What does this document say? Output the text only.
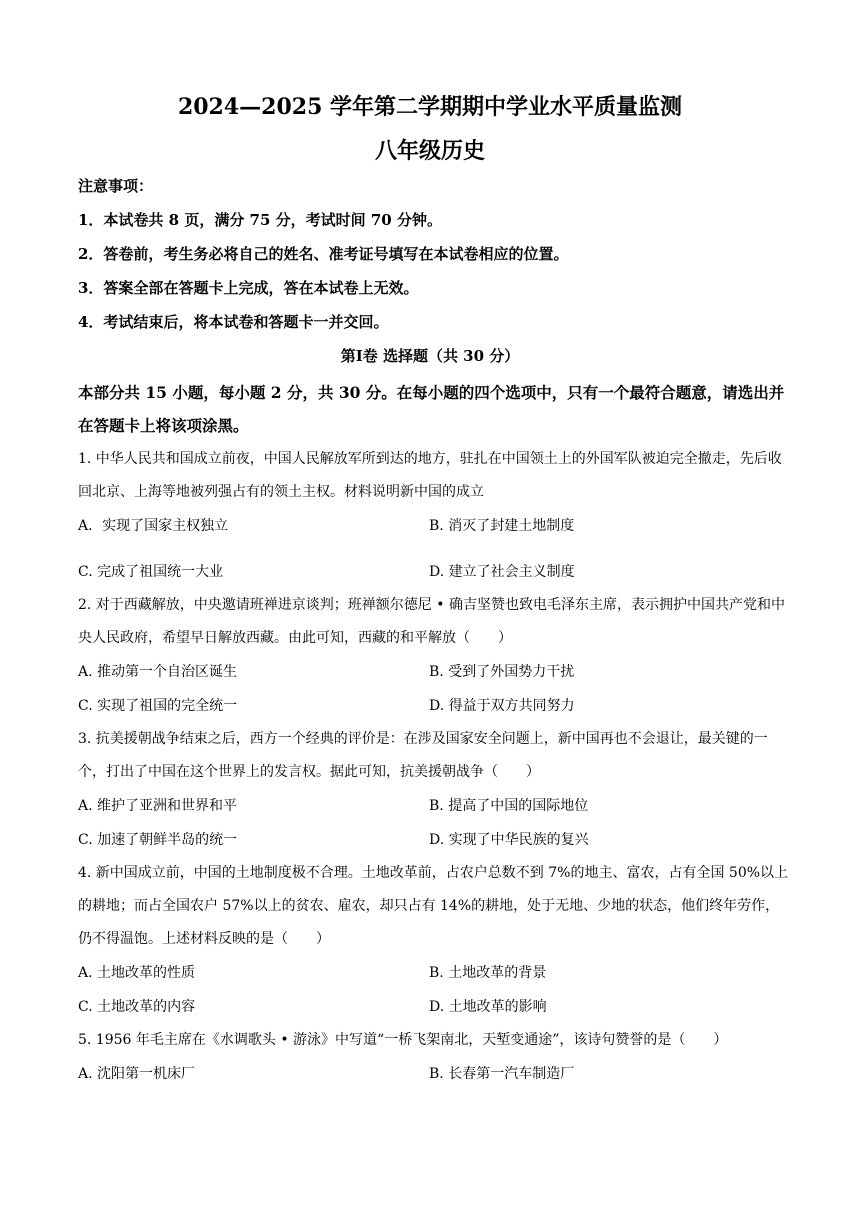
2024—2025 学年第二学期期中学业水平质量监测
八年级历史
注意事项：
1．本试卷共 8 页，满分 75 分，考试时间 70 分钟。
2．答卷前，考生务必将自己的姓名、准考证号填写在本试卷相应的位置。
3．答案全部在答题卡上完成，答在本试卷上无效。
4．考试结束后，将本试卷和答题卡一并交回。
第Ⅰ卷 选择题（共 30 分）
本部分共 15 小题，每小题 2 分，共 30 分。在每小题的四个选项中，只有一个最符合题意，请选出并在答题卡上将该项涂黑。
1. 中华人民共和国成立前夜，中国人民解放军所到达的地方，驻扎在中国领土上的外国军队被迫完全撤走，先后收回北京、上海等地被列强占有的领土主权。材料说明新中国的成立
A．实现了国家主权独立	B. 消灭了封建土地制度
C. 完成了祖国统一大业	D. 建立了社会主义制度
2. 对于西藏解放，中央邀请班禅进京谈判；班禅额尔德尼 • 确吉坚赞也致电毛泽东主席，表示拥护中国共产党和中央人民政府，希望早日解放西藏。由此可知，西藏的和平解放（　　）
A. 推动第一个自治区诞生	B. 受到了外国势力干扰
C. 实现了祖国的完全统一	D. 得益于双方共同努力
3. 抗美援朝战争结束之后，西方一个经典的评价是：在涉及国家安全问题上，新中国再也不会退让，最关键的一个，打出了中国在这个世界上的发言权。据此可知，抗美援朝战争（　　）
A. 维护了亚洲和世界和平	B. 提高了中国的国际地位
C. 加速了朝鲜半岛的统一	D. 实现了中华民族的复兴
4. 新中国成立前，中国的土地制度极不合理。土地改革前，占农户总数不到 7%的地主、富农，占有全国 50%以上的耕地；而占全国农户 57%以上的贫农、雇农，却只占有 14%的耕地，处于无地、少地的状态，他们终年劳作，仍不得温饱。上述材料反映的是（　　）
A. 土地改革的性质	B. 土地改革的背景
C. 土地改革的内容	D. 土地改革的影响
5. 1956 年毛主席在《水调歌头 • 游泳》中写道“一桥飞架南北，天堑变通途”，该诗句赞誉的是（　　）
A. 沈阳第一机床厂	B. 长春第一汽车制造厂
